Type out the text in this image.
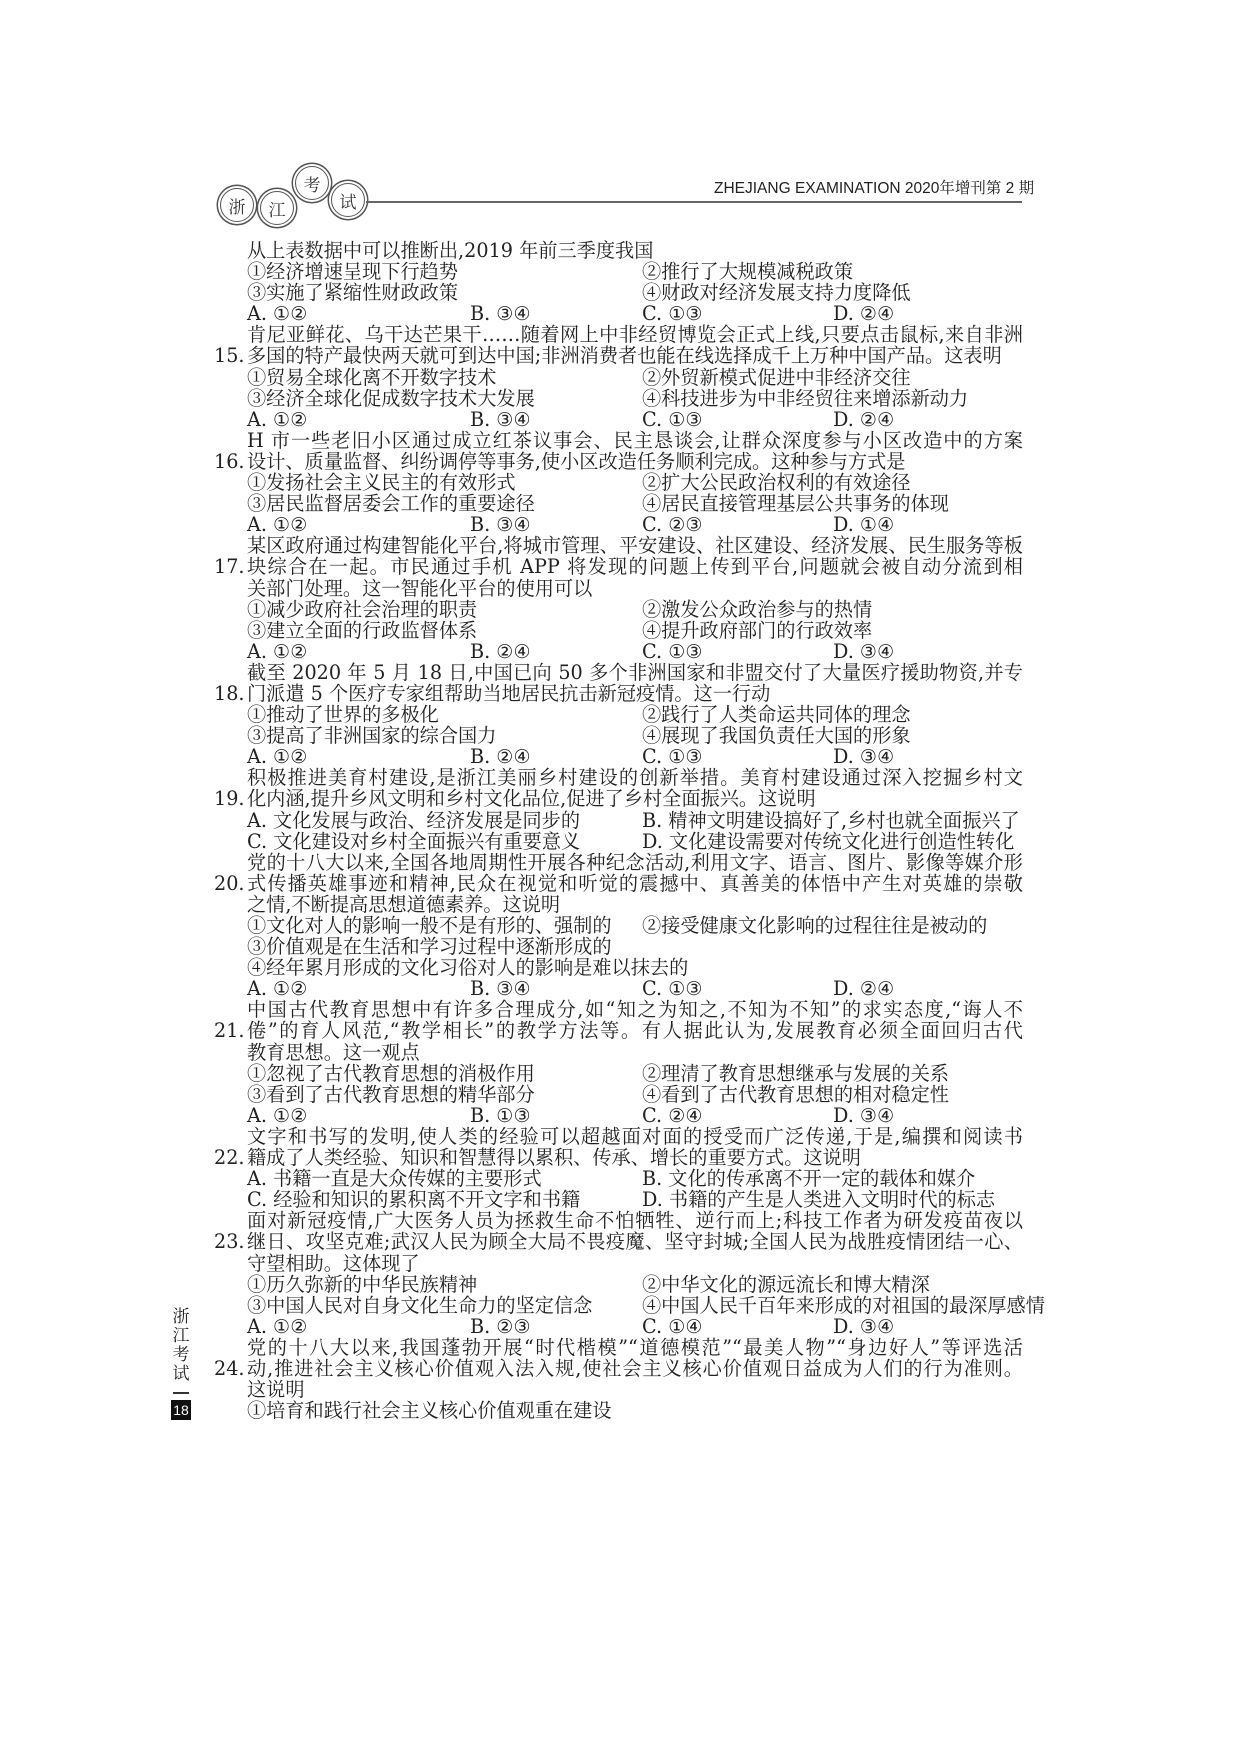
浙	江
考
试
ZHEJIANG EXAMINATION 2020年增刊第 2 期
从上表数据中可以推断出,2019 年前三季度我国
①经济增速呈现下行趋势	②推行了大规模减税政策
③实施了紧缩性财政政策	④财政对经济发展支持力度降低
A. ①②	B. ③④	C. ①③	D. ②④
肯尼亚鲜花、乌干达芒果干……随着网上中非经贸博览会正式上线,只要点击鼠标,来自非洲
15. 多国的特产最快两天就可到达中国;非洲消费者也能在线选择成千上万种中国产品。这表明
①贸易全球化离不开数字技术	②外贸新模式促进中非经济交往
③经济全球化促成数字技术大发展	④科技进步为中非经贸往来增添新动力
A. ①②	B. ③④	C. ①③	D. ②④
H 市一些老旧小区通过成立红茶议事会、民主恳谈会,让群众深度参与小区改造中的方案
16. 设计、质量监督、纠纷调停等事务,使小区改造任务顺利完成。这种参与方式是
①发扬社会主义民主的有效形式	②扩大公民政治权利的有效途径
③居民监督居委会工作的重要途径	④居民直接管理基层公共事务的体现
A. ①②	B. ③④	C. ②③	D. ①④
某区政府通过构建智能化平台,将城市管理、平安建设、社区建设、经济发展、民生服务等板
17. 块综合在一起。市民通过手机 APP 将发现的问题上传到平台,问题就会被自动分流到相
关部门处理。这一智能化平台的使用可以
①减少政府社会治理的职责	②激发公众政治参与的热情
③建立全面的行政监督体系	④提升政府部门的行政效率
A. ①②	B. ②④	C. ①③	D. ③④
截至 2020 年 5 月 18 日,中国已向 50 多个非洲国家和非盟交付了大量医疗援助物资,并专
18. 门派遣 5 个医疗专家组帮助当地居民抗击新冠疫情。这一行动
①推动了世界的多极化	②践行了人类命运共同体的理念
③提高了非洲国家的综合国力	④展现了我国负责任大国的形象
A. ①②	B. ②④	C. ①③	D. ③④
积极推进美育村建设,是浙江美丽乡村建设的创新举措。美育村建设通过深入挖掘乡村文
19. 化内涵,提升乡风文明和乡村文化品位,促进了乡村全面振兴。这说明
A. 文化发展与政治、经济发展是同步的	B. 精神文明建设搞好了,乡村也就全面振兴了
C. 文化建设对乡村全面振兴有重要意义	D. 文化建设需要对传统文化进行创造性转化
党的十八大以来,全国各地周期性开展各种纪念活动,利用文字、语言、图片、影像等媒介形
20. 式传播英雄事迹和精神,民众在视觉和听觉的震撼中、真善美的体悟中产生对英雄的崇敬
之情,不断提高思想道德素养。这说明
①文化对人的影响一般不是有形的、强制的 ②接受健康文化影响的过程往往是被动的
③价值观是在生活和学习过程中逐渐形成的
④经年累月形成的文化习俗对人的影响是难以抹去的
A. ①②	B. ③④	C. ①③	D. ②④
中国古代教育思想中有许多合理成分,如“知之为知之,不知为不知”的求实态度,“诲人不
21. 倦”的育人风范,“教学相长”的教学方法等。有人据此认为,发展教育必须全面回归古代
教育思想。这一观点
①忽视了古代教育思想的消极作用	②理清了教育思想继承与发展的关系
③看到了古代教育思想的精华部分	④看到了古代教育思想的相对稳定性
A. ①②	B. ①③	C. ②④	D. ③④
文字和书写的发明,使人类的经验可以超越面对面的授受而广泛传递,于是,编撰和阅读书
22. 籍成了人类经验、知识和智慧得以累积、传承、增长的重要方式。这说明
A. 书籍一直是大众传媒的主要形式	B. 文化的传承离不开一定的载体和媒介
C. 经验和知识的累积离不开文字和书籍	D. 书籍的产生是人类进入文明时代的标志
面对新冠疫情,广大医务人员为拯救生命不怕牺牲、逆行而上;科技工作者为研发疫苗夜以
23. 继日、攻坚克难;武汉人民为顾全大局不畏疫魔、坚守封城;全国人民为战胜疫情团结一心、
守望相助。这体现了
①历久弥新的中华民族精神	②中华文化的源远流长和博大精深
③中国人民对自身文化生命力的坚定信念	④中国人民千百年来形成的对祖国的最深厚感情
A. ①②	B. ②③	C. ①④	D. ③④
党的十八大以来,我国蓬勃开展“时代楷模”“道德模范”“最美人物”“身边好人”等评选活
24. 动,推进社会主义核心价值观入法入规,使社会主义核心价值观日益成为人们的行为准则。
这说明
①培育和践行社会主义核心价值观重在建设
浙
江
考
试
18
